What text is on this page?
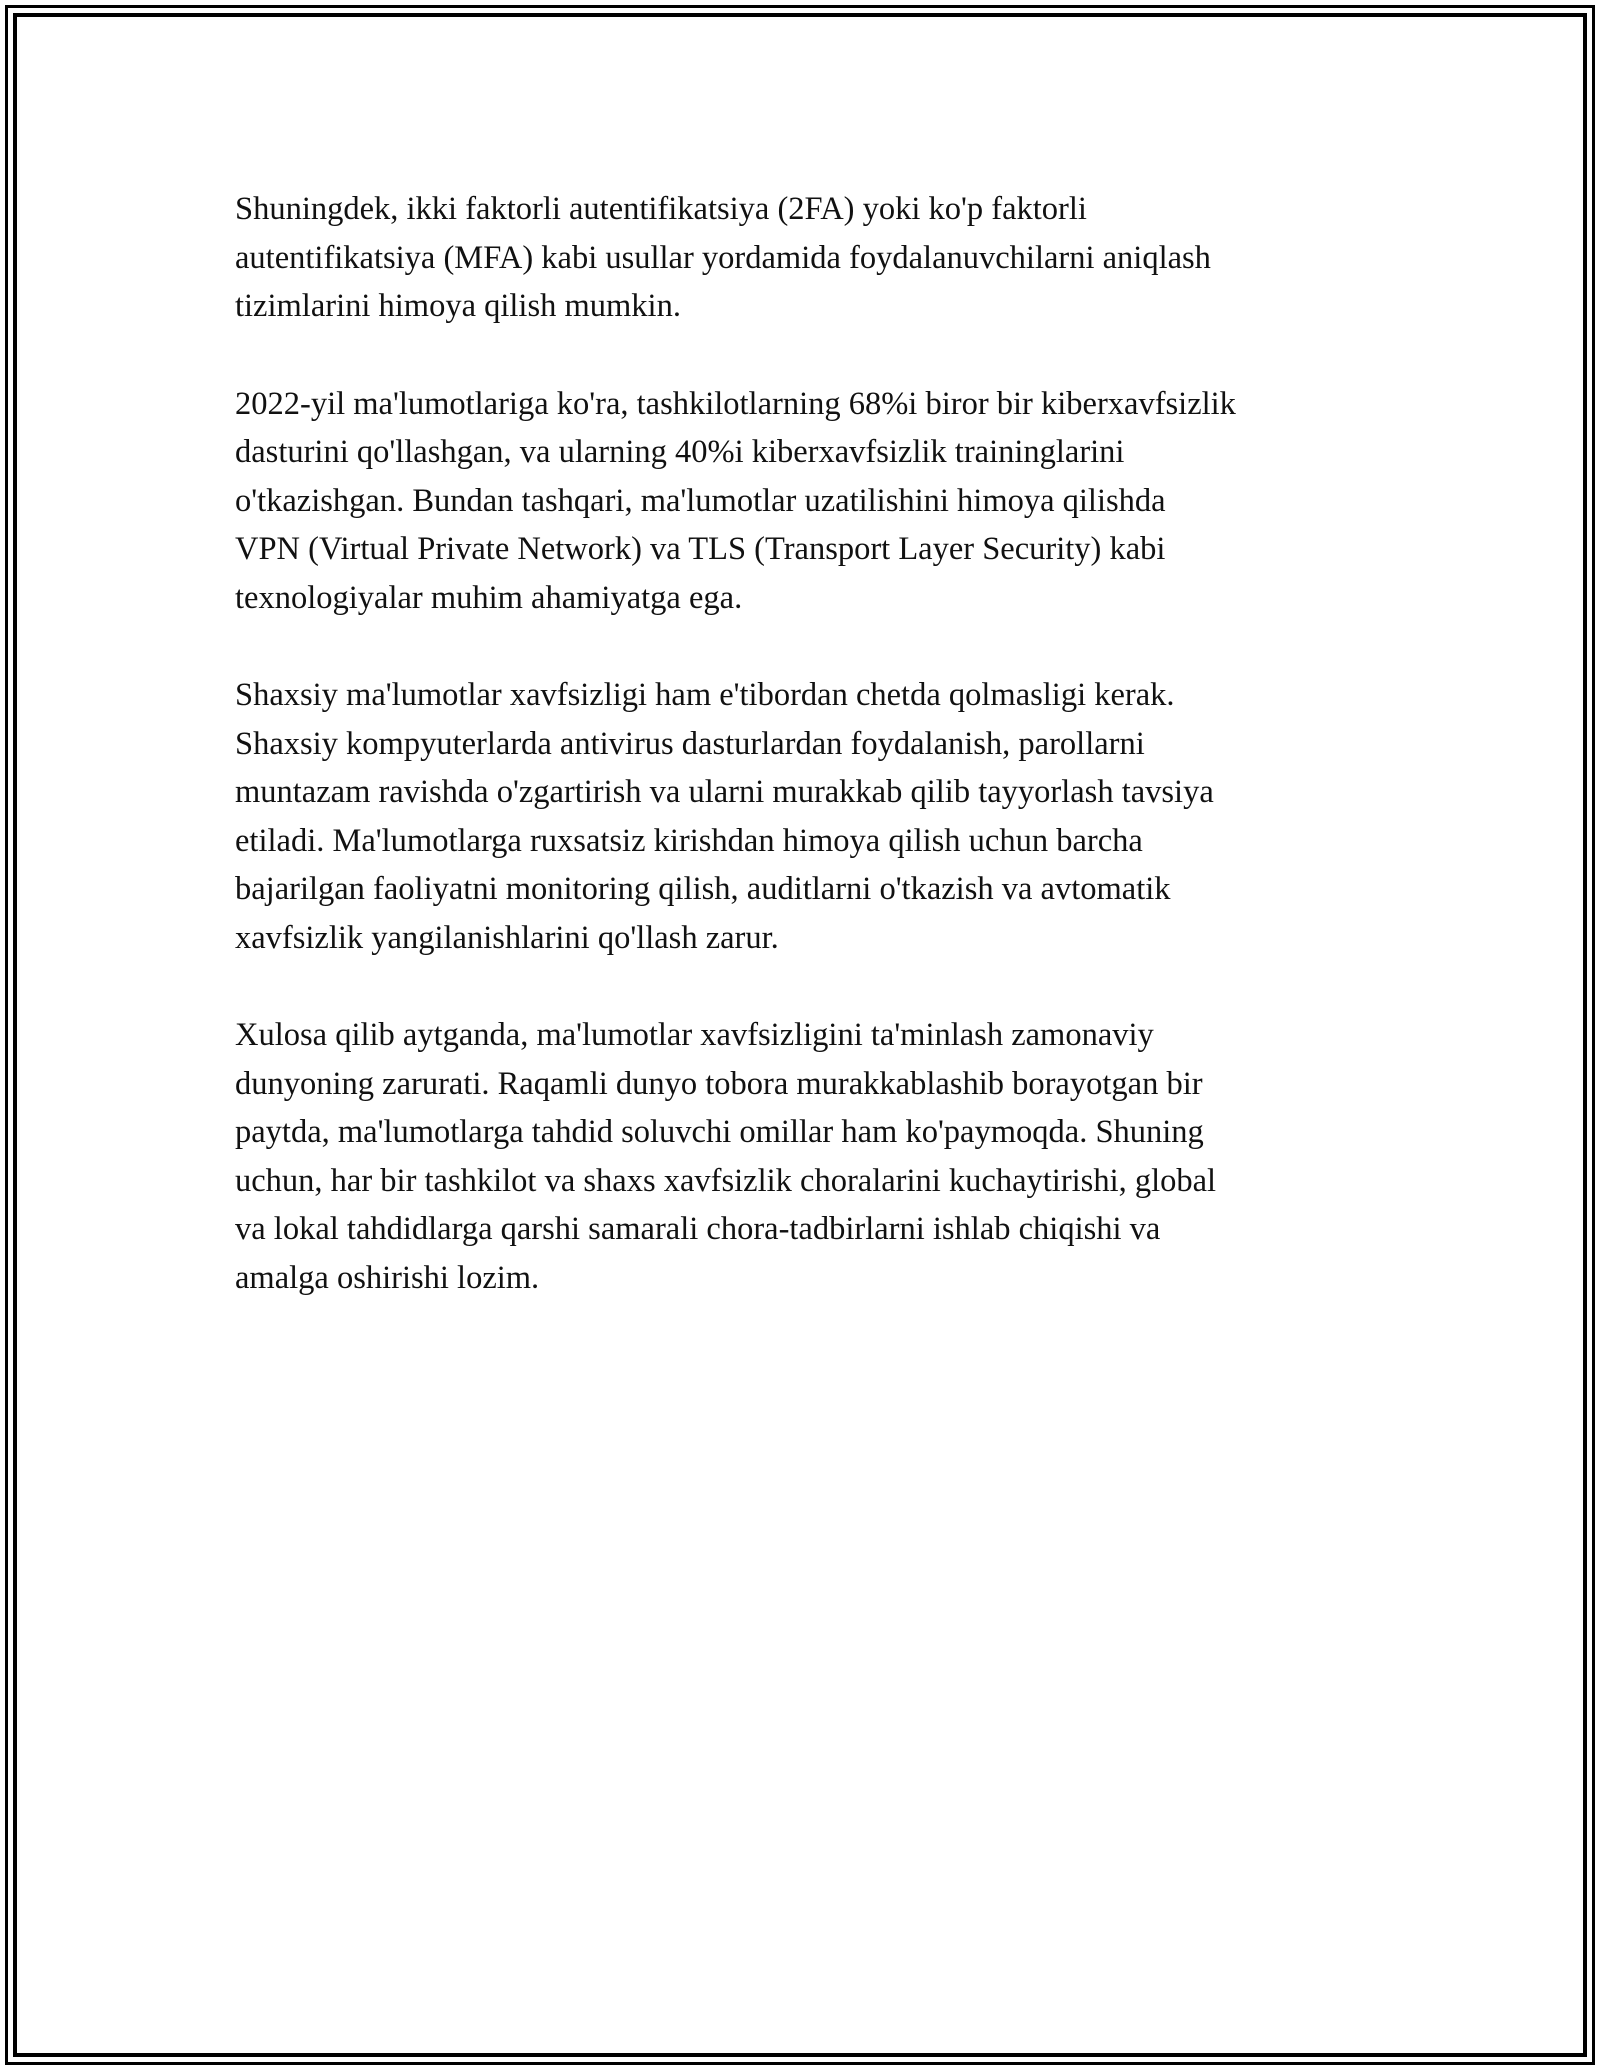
Shuningdek, ikki faktorli autentifikatsiya (2FA) yoki ko'p faktorli
autentifikatsiya (MFA) kabi usullar yordamida foydalanuvchilarni aniqlash
tizimlarini himoya qilish mumkin.

2022-yil ma'lumotlariga ko'ra, tashkilotlarning 68%i biror bir kiberxavfsizlik
dasturini qo'llashgan, va ularning 40%i kiberxavfsizlik traininglarini
o'tkazishgan. Bundan tashqari, ma'lumotlar uzatilishini himoya qilishda
VPN (Virtual Private Network) va TLS (Transport Layer Security) kabi
texnologiyalar muhim ahamiyatga ega.

Shaxsiy ma'lumotlar xavfsizligi ham e'tibordan chetda qolmasligi kerak.
Shaxsiy kompyuterlarda antivirus dasturlardan foydalanish, parollarni
muntazam ravishda o'zgartirish va ularni murakkab qilib tayyorlash tavsiya
etiladi. Ma'lumotlarga ruxsatsiz kirishdan himoya qilish uchun barcha
bajarilgan faoliyatni monitoring qilish, auditlarni o'tkazish va avtomatik
xavfsizlik yangilanishlarini qo'llash zarur.

Xulosa qilib aytganda, ma'lumotlar xavfsizligini ta'minlash zamonaviy
dunyoning zarurati. Raqamli dunyo tobora murakkablashib borayotgan bir
paytda, ma'lumotlarga tahdid soluvchi omillar ham ko'paymoqda. Shuning
uchun, har bir tashkilot va shaxs xavfsizlik choralarini kuchaytirishi, global
va lokal tahdidlarga qarshi samarali chora-tadbirlarni ishlab chiqishi va
amalga oshirishi lozim.
